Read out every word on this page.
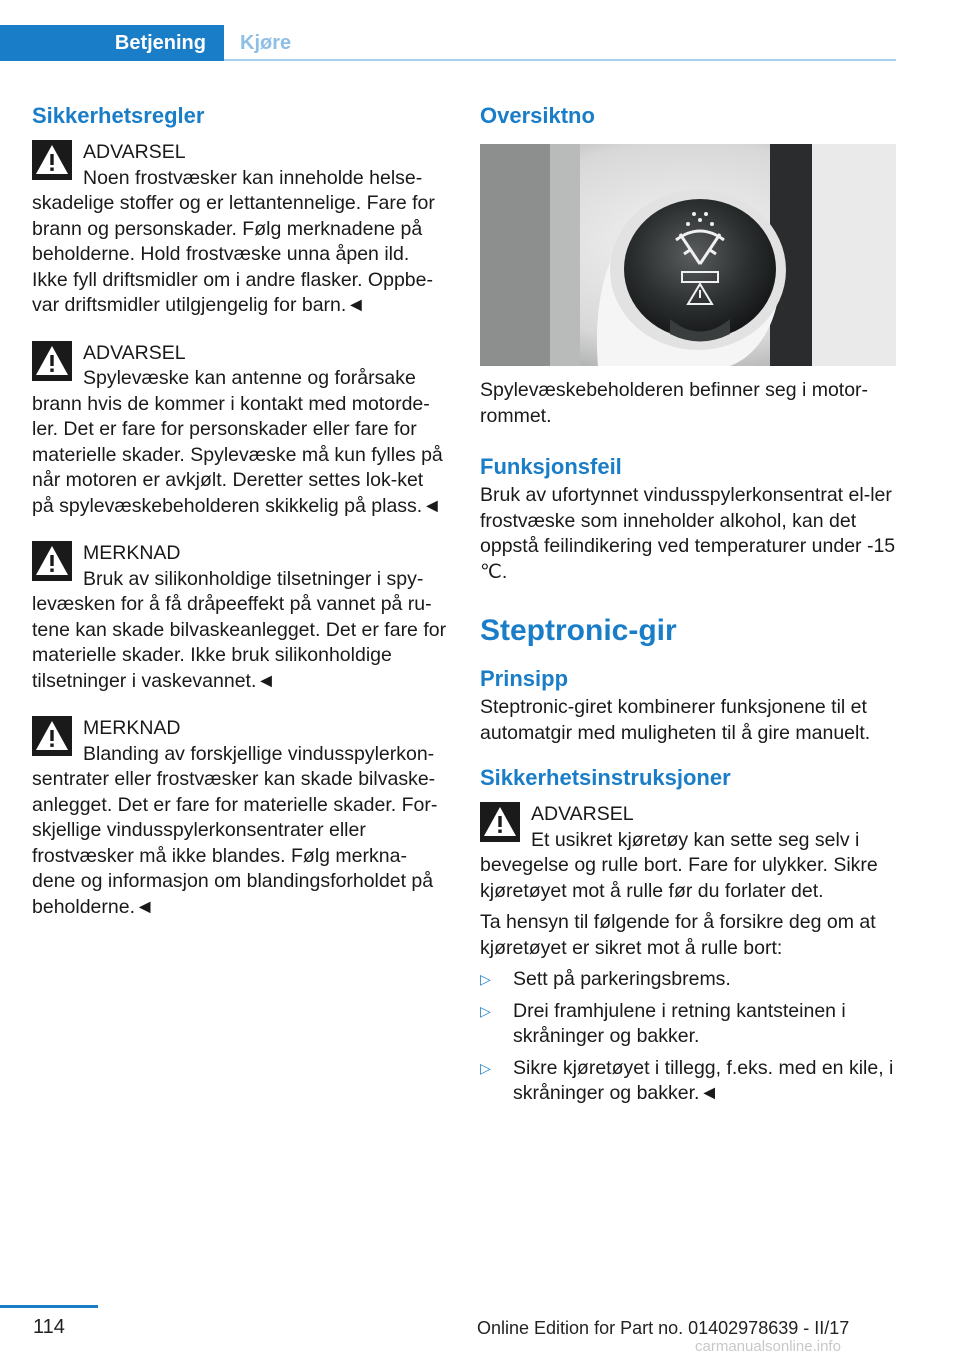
Betjening	Kjøre
Sikkerhetsregler
ADVARSEL
Noen frostvæsker kan inneholde helse-
skadelige stoffer og er lettantennelige. Fare for brann og personskader. Følg merknadene på beholderne. Hold frostvæske unna åpen ild. Ikke fyll driftsmidler om i andre flasker. Oppbe-var driftsmidler utilgjengelig for barn.◄
ADVARSEL
Spylevæske kan antenne og forårsake
brann hvis de kommer i kontakt med motorde-ler. Det er fare for personskader eller fare for materielle skader. Spylevæske må kun fylles på når motoren er avkjølt. Deretter settes lok-ket på spylevæskebeholderen skikkelig på plass.◄
MERKNAD
Bruk av silikonholdige tilsetninger i spy-
levæsken for å få dråpeeffekt på vannet på ru-tene kan skade bilvaskeanlegget. Det er fare for materielle skader. Ikke bruk silikonholdige tilsetninger i vaskevannet.◄
MERKNAD
Blanding av forskjellige vindusspylerkon-
sentrater eller frostvæsker kan skade bilvaske-anlegget. Det er fare for materielle skader. For-skjellige vindusspylerkonsentrater eller frostvæsker må ikke blandes. Følg merkna-dene og informasjon om blandingsforholdet på beholderne.◄
Oversiktno

Spylevæskebeholderen befinner seg i motor-rommet.

Funksjonsfeil

Bruk av ufortynnet vindusspylerkonsentrat el-ler frostvæske som inneholder alkohol, kan det oppstå feilindikering ved temperaturer under -15 ℃.

Steptronic-gir
Prinsipp

Steptronic-giret kombinerer funksjonene til et automatgir med muligheten til å gire manuelt.

Sikkerhetsinstruksjoner
ADVARSEL
Et usikret kjøretøy kan sette seg selv i
bevegelse og rulle bort. Fare for ulykker. Sikre kjøretøyet mot å rulle før du forlater det.

Ta hensyn til følgende for å forsikre deg om at kjøretøyet er sikret mot å rulle bort:

▷	Sett på parkeringsbrems.
▷	Drei framhjulene i retning kantsteinen i skråninger og bakker.
▷	Sikre kjøretøyet i tillegg, f.eks. med en kile, i skråninger og bakker.◄
114	Online Edition for Part no. 01402978639 - II/17
carmanualsonline.info
